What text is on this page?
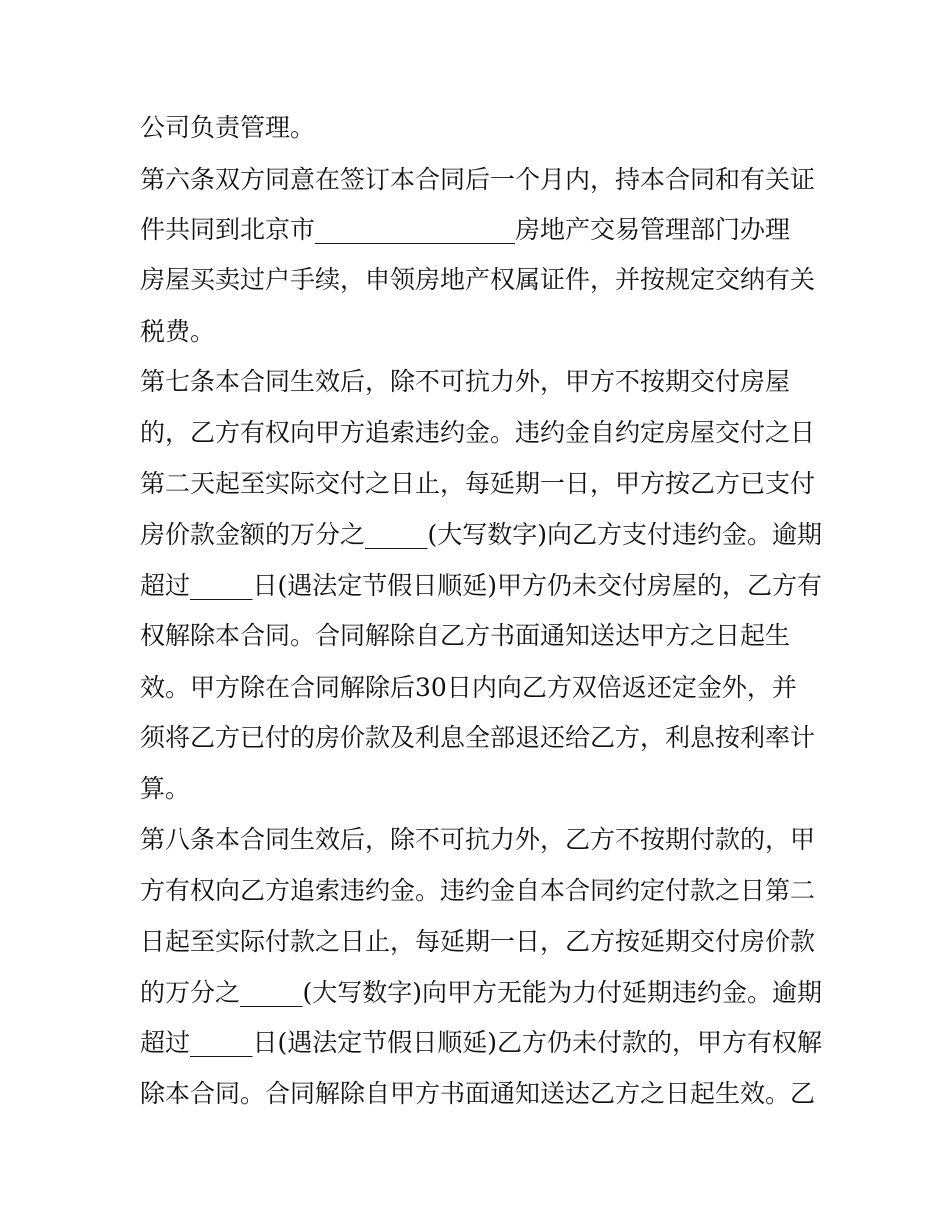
公司负责管理。
第六条双方同意在签订本合同后一个月内，持本合同和有关证
件共同到北京市________________房地产交易管理部门办理
房屋买卖过户手续，申领房地产权属证件，并按规定交纳有关
税费。
第七条本合同生效后，除不可抗力外，甲方不按期交付房屋
的，乙方有权向甲方追索违约金。违约金自约定房屋交付之日
第二天起至实际交付之日止，每延期一日，甲方按乙方已支付
房价款金额的万分之_____(大写数字)向乙方支付违约金。逾期
超过_____日(遇法定节假日顺延)甲方仍未交付房屋的，乙方有
权解除本合同。合同解除自乙方书面通知送达甲方之日起生
效。甲方除在合同解除后30日内向乙方双倍返还定金外，并
须将乙方已付的房价款及利息全部退还给乙方，利息按利率计
算。
第八条本合同生效后，除不可抗力外，乙方不按期付款的，甲
方有权向乙方追索违约金。违约金自本合同约定付款之日第二
日起至实际付款之日止，每延期一日，乙方按延期交付房价款
的万分之_____(大写数字)向甲方无能为力付延期违约金。逾期
超过_____日(遇法定节假日顺延)乙方仍未付款的，甲方有权解
除本合同。合同解除自甲方书面通知送达乙方之日起生效。乙
